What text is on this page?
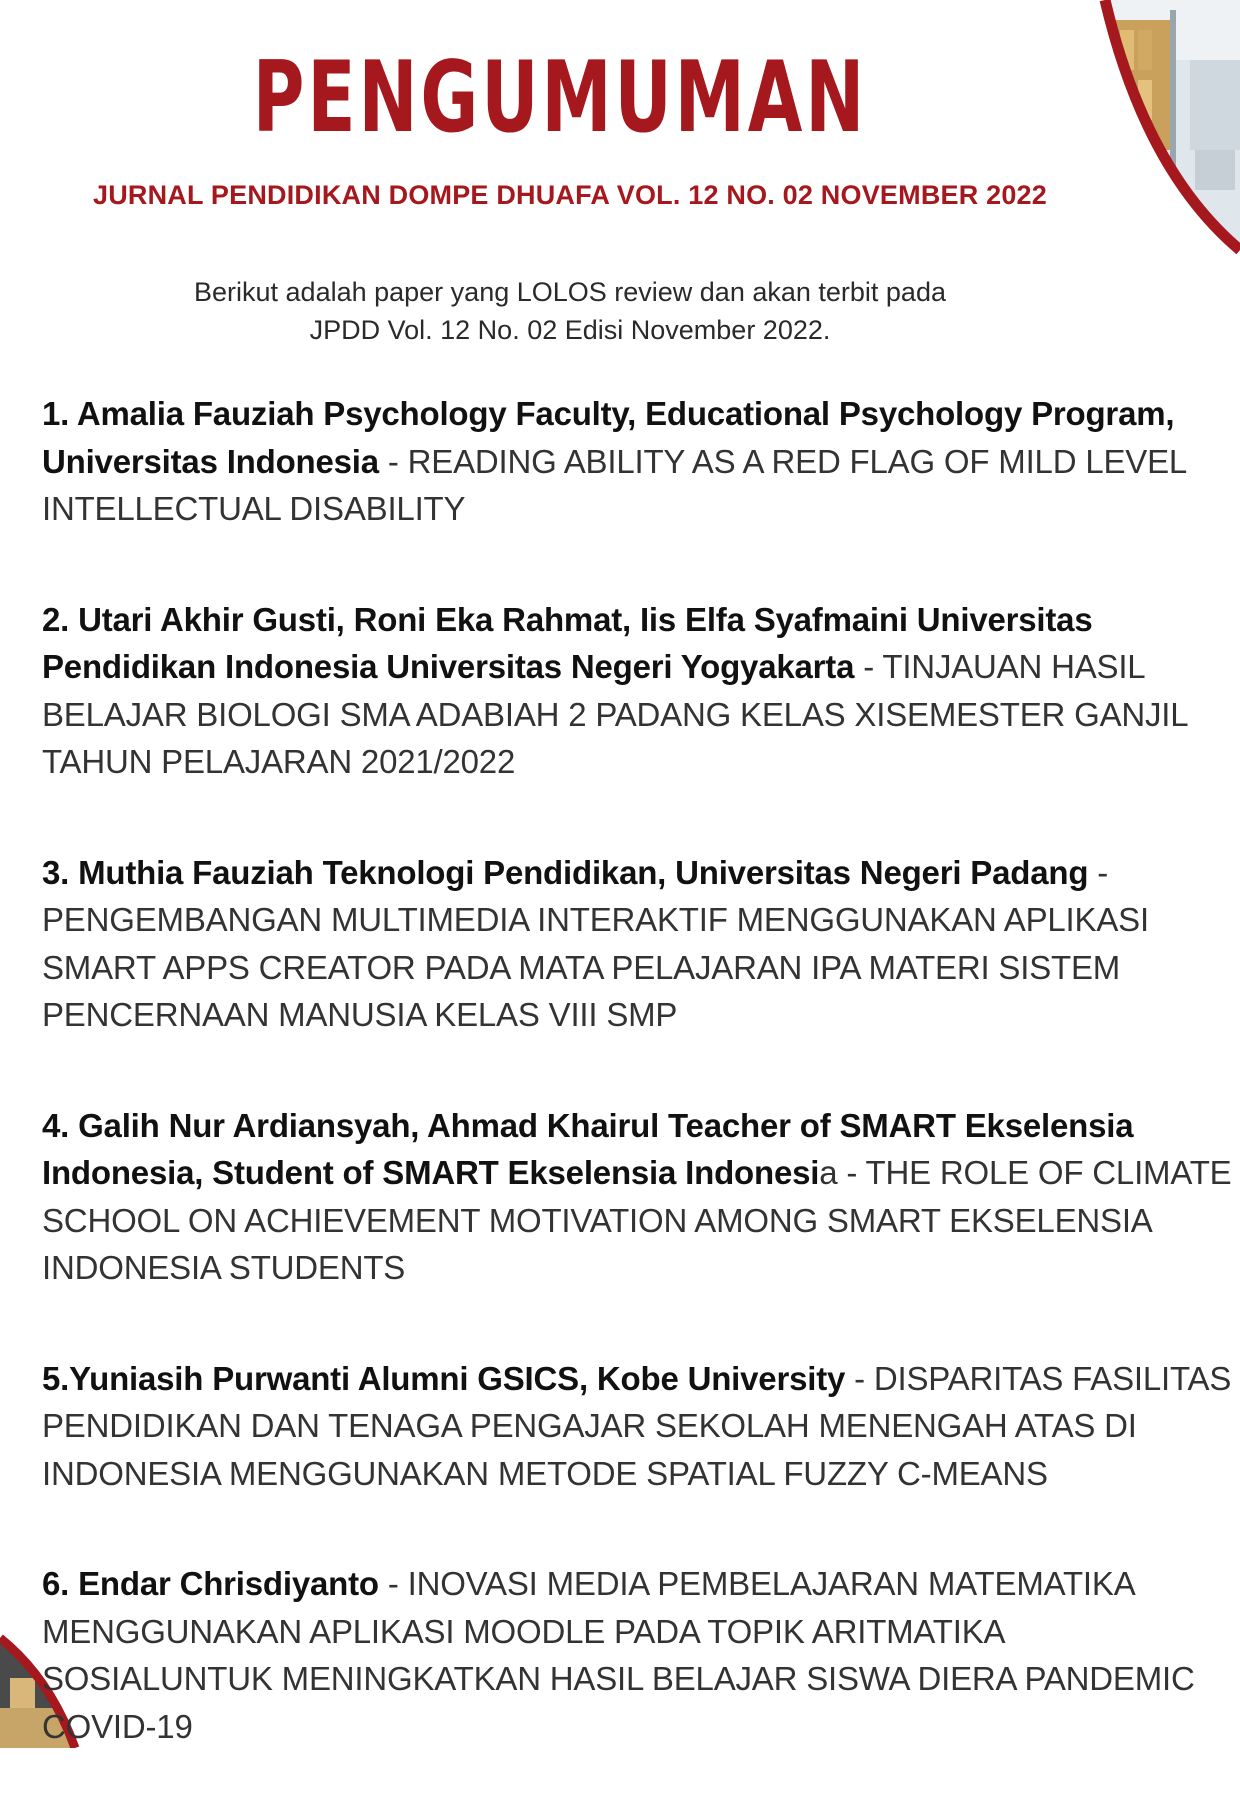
PENGUMUMAN

JURNAL PENDIDIKAN DOMPE DHUAFA VOL. 12 NO. 02 NOVEMBER 2022

Berikut adalah paper yang LOLOS review dan akan terbit pada
JPDD Vol. 12 No. 02 Edisi November 2022.

1. Amalia Fauziah Psychology Faculty, Educational Psychology Program, Universitas Indonesia - READING ABILITY AS A RED FLAG OF MILD LEVEL INTELLECTUAL DISABILITY
2. Utari Akhir Gusti, Roni Eka Rahmat, Iis Elfa Syafmaini Universitas Pendidikan Indonesia Universitas Negeri Yogyakarta - TINJAUAN HASIL BELAJAR BIOLOGI SMA ADABIAH 2 PADANG KELAS XISEMESTER GANJIL TAHUN PELAJARAN 2021/2022
3. Muthia Fauziah Teknologi Pendidikan, Universitas Negeri Padang - PENGEMBANGAN MULTIMEDIA INTERAKTIF MENGGUNAKAN APLIKASI SMART APPS CREATOR PADA MATA PELAJARAN IPA MATERI SISTEM PENCERNAAN MANUSIA KELAS VIII SMP
4. Galih Nur Ardiansyah, Ahmad Khairul Teacher of SMART Ekselensia Indonesia, Student of SMART Ekselensia Indonesia - THE ROLE OF CLIMATE SCHOOL ON ACHIEVEMENT MOTIVATION AMONG SMART EKSELENSIA INDONESIA STUDENTS
5.Yuniasih Purwanti Alumni GSICS, Kobe University - DISPARITAS FASILITAS PENDIDIKAN DAN TENAGA PENGAJAR SEKOLAH MENENGAH ATAS DI INDONESIA MENGGUNAKAN METODE SPATIAL FUZZY C-MEANS
6. Endar Chrisdiyanto - INOVASI MEDIA PEMBELAJARAN MATEMATIKA MENGGUNAKAN APLIKASI MOODLE PADA TOPIK ARITMATIKA SOSIALUNTUK MENINGKATKAN HASIL BELAJAR SISWA DIERA PANDEMIC COVID-19
